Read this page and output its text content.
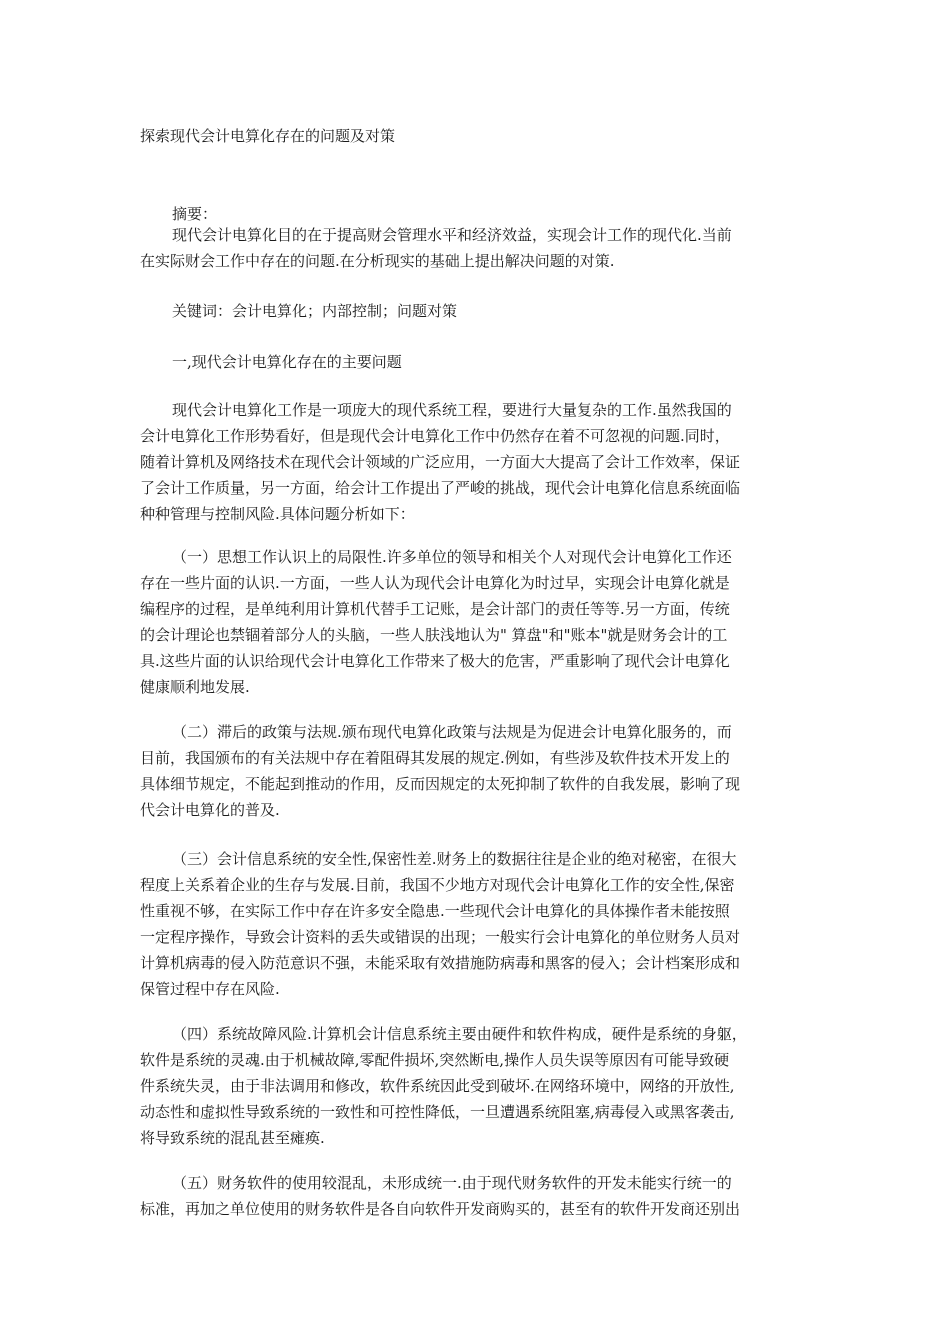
探索现代会计电算化存在的问题及对策
摘要：
现代会计电算化目的在于提高财会管理水平和经济效益，实现会计工作的现代化.当前
在实际财会工作中存在的问题.在分析现实的基础上提出解决问题的对策.
关键词：会计电算化；内部控制；问题对策
一,现代会计电算化存在的主要问题
现代会计电算化工作是一项庞大的现代系统工程，要进行大量复杂的工作.虽然我国的
会计电算化工作形势看好，但是现代会计电算化工作中仍然存在着不可忽视的问题.同时，
随着计算机及网络技术在现代会计领域的广泛应用，一方面大大提高了会计工作效率，保证
了会计工作质量，另一方面，给会计工作提出了严峻的挑战，现代会计电算化信息系统面临
种种管理与控制风险.具体问题分析如下：
（一）思想工作认识上的局限性.许多单位的领导和相关个人对现代会计电算化工作还
存在一些片面的认识.一方面，一些人认为现代会计电算化为时过早，实现会计电算化就是
编程序的过程，是单纯利用计算机代替手工记账，是会计部门的责任等等.另一方面，传统
的会计理论也禁锢着部分人的头脑，一些人肤浅地认为" 算盘"和"账本"就是财务会计的工
具.这些片面的认识给现代会计电算化工作带来了极大的危害，严重影响了现代会计电算化
健康顺利地发展.
（二）滞后的政策与法规.颁布现代电算化政策与法规是为促进会计电算化服务的，而
目前，我国颁布的有关法规中存在着阻碍其发展的规定.例如，有些涉及软件技术开发上的
具体细节规定，不能起到推动的作用，反而因规定的太死抑制了软件的自我发展，影响了现
代会计电算化的普及.
（三）会计信息系统的安全性,保密性差.财务上的数据往往是企业的绝对秘密，在很大
程度上关系着企业的生存与发展.目前，我国不少地方对现代会计电算化工作的安全性,保密
性重视不够，在实际工作中存在许多安全隐患.一些现代会计电算化的具体操作者未能按照
一定程序操作，导致会计资料的丢失或错误的出现；一般实行会计电算化的单位财务人员对
计算机病毒的侵入防范意识不强，未能采取有效措施防病毒和黑客的侵入；会计档案形成和
保管过程中存在风险.
（四）系统故障风险.计算机会计信息系统主要由硬件和软件构成，硬件是系统的身躯，
软件是系统的灵魂.由于机械故障,零配件损坏,突然断电,操作人员失误等原因有可能导致硬
件系统失灵，由于非法调用和修改，软件系统因此受到破坏.在网络环境中，网络的开放性,
动态性和虚拟性导致系统的一致性和可控性降低，一旦遭遇系统阻塞,病毒侵入或黑客袭击,
将导致系统的混乱甚至瘫痪.
（五）财务软件的使用较混乱，未形成统一.由于现代财务软件的开发未能实行统一的
标准，再加之单位使用的财务软件是各自向软件开发商购买的，甚至有的软件开发商还别出
